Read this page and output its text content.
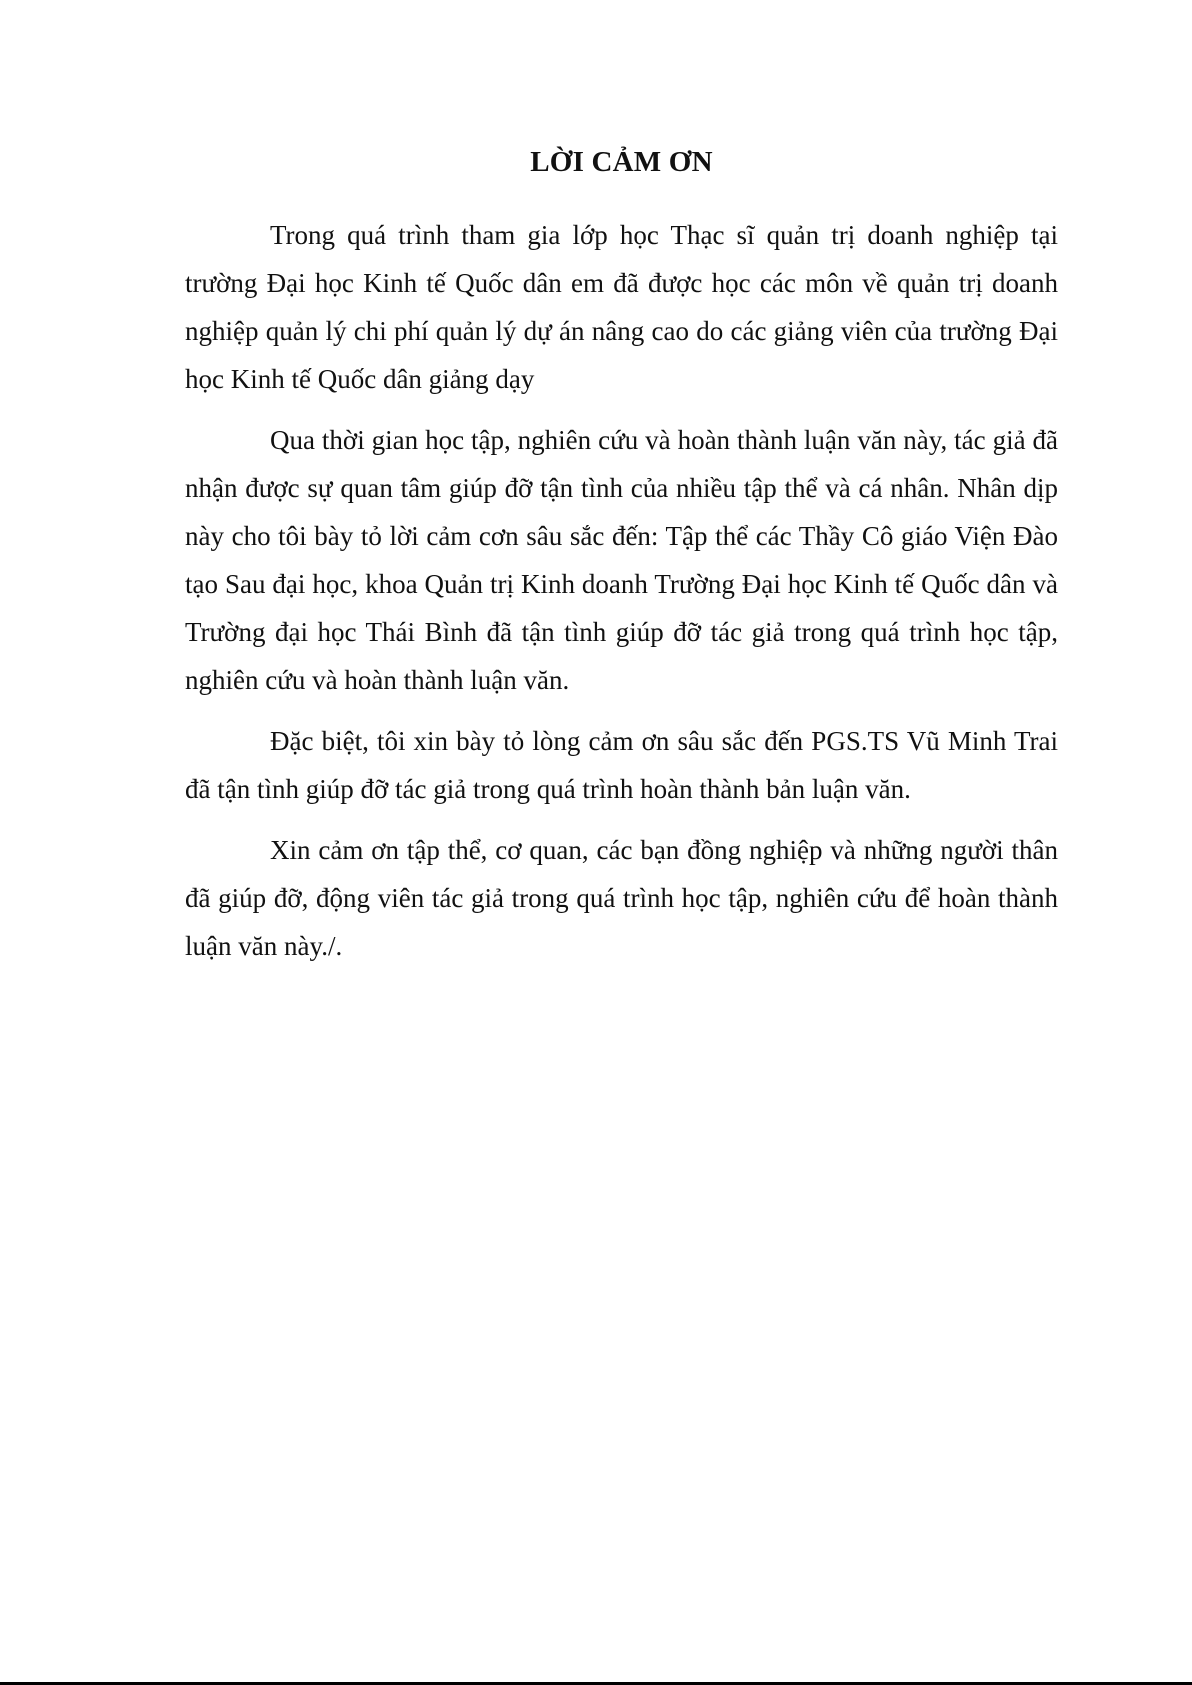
LỜI CẢM ƠN

Trong quá trình tham gia lớp học Thạc sĩ quản trị doanh nghiệp tại trường Đại học Kinh tế Quốc dân em đã được học các môn về quản trị doanh nghiệp quản lý chi phí quản lý dự án nâng cao do các giảng viên của trường Đại học Kinh tế Quốc dân giảng dạy

Qua thời gian học tập, nghiên cứu và hoàn thành luận văn này, tác giả đã nhận được sự quan tâm giúp đỡ tận tình của nhiều tập thể và cá nhân. Nhân dịp này cho tôi bày tỏ lời cảm cơn sâu sắc đến: Tập thể các Thầy Cô giáo Viện Đào tạo Sau đại học, khoa Quản trị Kinh doanh Trường Đại học Kinh tế Quốc dân và Trường đại học Thái Bình đã tận tình giúp đỡ tác giả trong quá trình học tập, nghiên cứu và hoàn thành luận văn.

Đặc biệt, tôi xin bày tỏ lòng cảm ơn sâu sắc đến PGS.TS Vũ Minh Trai đã tận tình giúp đỡ tác giả trong quá trình hoàn thành bản luận văn.

Xin cảm ơn tập thể, cơ quan, các bạn đồng nghiệp và những người thân đã giúp đỡ, động viên tác giả trong quá trình học tập, nghiên cứu để hoàn thành luận văn này./.
